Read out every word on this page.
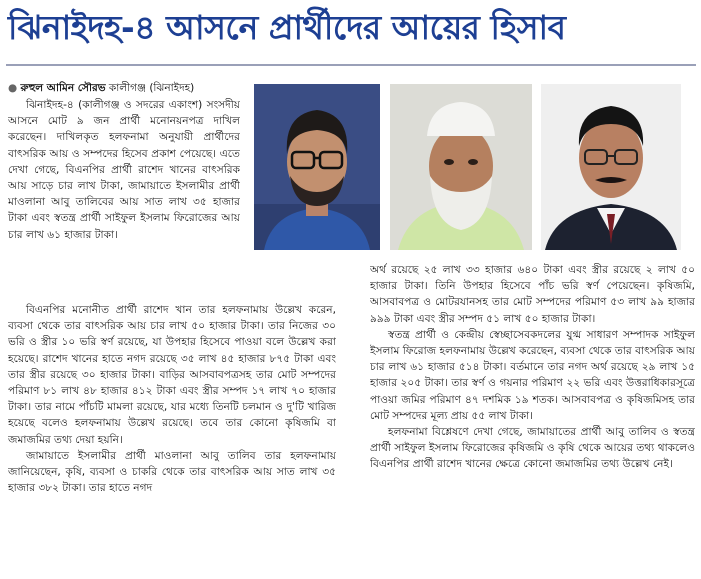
ঝিনাইদহ-৪ আসনে প্রার্থীদের আয়ের হিসাব
● রুহুল আমিন সৌরভ কালীগঞ্জ (ঝিনাইদহ)

ঝিনাইদহ-৪ (কালীগঞ্জ ও সদরের একাংশ) সংসদীয় আসনে মোট ৯ জন প্রার্থী মনোনয়নপত্র দাখিল করেছেন। দাখিলকৃত হলফনামা অনুযায়ী প্রার্থীদের বাৎসরিক আয় ও সম্পদের হিসেব প্রকাশ পেয়েছে। এতে দেখা গেছে, বিএনপির প্রার্থী রাশেদ খানের বাৎসরিক আয় সাড়ে চার লাখ টাকা, জামায়াতে ইসলামীর প্রার্থী মাওলানা আবু তালিবের আয় সাত লাখ ৩৫ হাজার টাকা এবং স্বতন্ত্র প্রার্থী সাইফুল ইসলাম ফিরোজের আয় চার লাখ ৬১ হাজার টাকা।

বিএনপির মনোনীত প্রার্থী রাশেদ খান তার হলফনামায় উল্লেখ করেন, ব্যবসা থেকে তার বাৎসরিক আয় চার লাখ ৫০ হাজার টাকা। তার নিজের ৩০ ভরি ও স্ত্রীর ১০ ভরি স্বর্ণ রয়েছে, যা উপহার হিসেবে পাওয়া বলে উল্লেখ করা হয়েছে। রাশেদ খানের হাতে নগদ রয়েছে ৩৫ লাখ ৪৫ হাজার ৮৭৫ টাকা এবং তার স্ত্রীর রয়েছে ৩০ হাজার টাকা। বাড়ির আসবাবপত্রসহ তার মোট সম্পদের পরিমাণ ৮১ লাখ ৪৮ হাজার ৪১২ টাকা এবং স্ত্রীর সম্পদ ১৭ লাখ ৭০ হাজার টাকা। তার নামে পাঁচটি মামলা রয়েছে, যার মধ্যে তিনটি চলমান ও দু'টি খারিজ হয়েছে বলেও হলফনামায় উল্লেখ রয়েছে। তবে তার কোনো কৃষিজমি বা জমাজমির তথ্য দেয়া হয়নি।

জামায়াতে ইসলামীর প্রার্থী মাওলানা আবু তালিব তার হলফনামায় জানিয়েছেন, কৃষি, ব্যবসা ও চাকরি থেকে তার বাৎসরিক আয় সাত লাখ ৩৫ হাজার ৩৮২ টাকা। তার হাতে নগদ

অর্থ রয়েছে ২৫ লাখ ৩৩ হাজার ৬৪০ টাকা এবং স্ত্রীর রয়েছে ২ লাখ ৫০ হাজার টাকা। তিনি উপহার হিসেবে পাঁচ ভরি স্বর্ণ পেয়েছেন। কৃষিজমি, আসবাবপত্র ও মোটরযানসহ তার মোট সম্পদের পরিমাণ ৫৩ লাখ ৯৯ হাজার ৯৯৯ টাকা এবং স্ত্রীর সম্পদ ৫১ লাখ ৫০ হাজার টাকা।

স্বতন্ত্র প্রার্থী ও কেন্দ্রীয় স্বেচ্ছাসেবকদলের যুগ্ম সাধারণ সম্পাদক সাইফুল ইসলাম ফিরোজ হলফনামায় উল্লেখ করেছেন, ব্যবসা থেকে তার বাৎসরিক আয় চার লাখ ৬১ হাজার ৫১৪ টাকা। বর্তমানে তার নগদ অর্থ রয়েছে ২৯ লাখ ১৫ হাজার ২০৫ টাকা। তার স্বর্ণ ও গয়নার পরিমাণ ২২ ভরি এবং উত্তরাধিকারসূত্রে পাওয়া জমির পরিমাণ ৪৭ দশমিক ১৯ শতক। আসবাবপত্র ও কৃষিজমিসহ তার মোট সম্পদের মূল্য প্রায় ৫৫ লাখ টাকা।

হলফনামা বিশ্লেষণে দেখা গেছে, জামায়াতের প্রার্থী আবু তালিব ও স্বতন্ত্র প্রার্থী সাইফুল ইসলাম ফিরোজের কৃষিজমি ও কৃষি থেকে আয়ের তথ্য থাকলেও বিএনপির প্রার্থী রাশেদ খানের ক্ষেত্রে কোনো জমাজমির তথ্য উল্লেখ নেই।
